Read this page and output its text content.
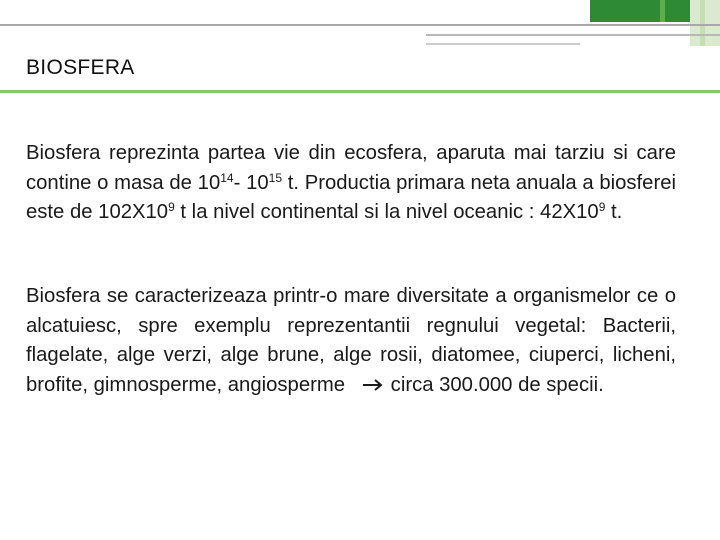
BIOSFERA

Biosfera reprezinta partea vie din ecosfera, aparuta mai tarziu si care contine o masa de $10^{14}-$ $10^{15}$ t. Productia primara neta anuala a biosferei este de $102X10^9$ t la nivel continental si la nivel oceanic : $42X10^9$ t.

Biosfera se caracterizeaza printr-o mare diversitate a organismelor ce o alcatuiesc, spre exemplu reprezentantii regnului vegetal: Bacterii, flagelate, alge verzi, alge brune, alge rosii, diatomee, ciuperci, licheni, brofite, gimnosperme, angiosperme circa 300.000 de specii.
